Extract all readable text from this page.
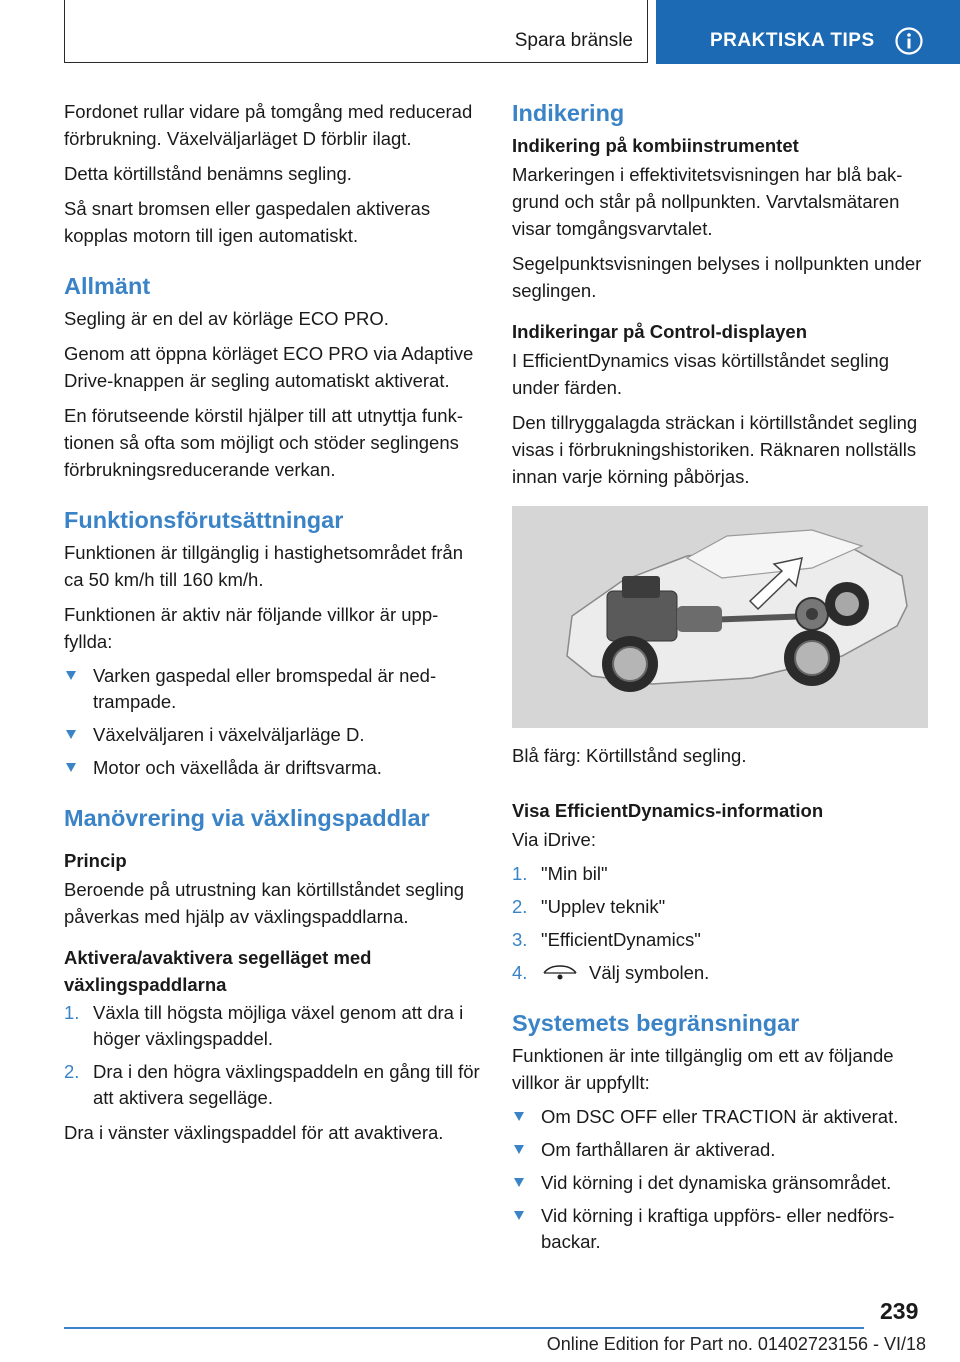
Spara bränsle	PRAKTISKA TIPS

Fordonet rullar vidare på tomgång med reducerad förbrukning. Växelväljarläget D förblir ilagt.

Detta körtillstånd benämns segling.

Så snart bromsen eller gaspedalen aktiveras kopplas motorn till igen automatiskt.

Allmänt

Segling är en del av körläge ECO PRO.

Genom att öppna körläget ECO PRO via Adaptive Drive-knappen är segling automatiskt aktiverat.

En förutseende körstil hjälper till att utnyttja funktionen så ofta som möjligt och stöder seglingens förbrukningsreducerande verkan.

Funktionsförutsättningar

Funktionen är tillgänglig i hastighetsområdet från ca 50 km/h till 160 km/h.

Funktionen är aktiv när följande villkor är uppfyllda:

Varken gaspedal eller bromspedal är nedtrampade.
Växelväljaren i växelväljarläge D.
Motor och växellåda är driftsvarma.
Manövrering via växlingspaddlar
Princip

Beroende på utrustning kan körtillståndet segling påverkas med hjälp av växlingspaddlarna.

Aktivera/avaktivera segelläget med växlingspaddlarna
1. Växla till högsta möjliga växel genom att dra i höger växlingspaddel.
2. Dra i den högra växlingspaddeln en gång till för att aktivera segelläge.

Dra i vänster växlingspaddel för att avaktivera.

Indikering
Indikering på kombiinstrumentet

Markeringen i effektivitetsvisningen har blå bakgrund och står på nollpunkten. Varvtalsmätaren visar tomgångsvarvtalet.

Segelpunktsvisningen belyses i nollpunkten under seglingen.

Indikeringar på Control-displayen

I EfficientDynamics visas körtillståndet segling under färden.

Den tillryggalagda sträckan i körtillståndet segling visas i förbrukningshistoriken. Räknaren nollställs innan varje körning påbörjas.

Blå färg: Körtillstånd segling.

Visa EfficientDynamics-information

Via iDrive:

1. "Min bil"
2. "Upplev teknik"
3. "EfficientDynamics"
4.	Välj symbolen.
Systemets begränsningar

Funktionen är inte tillgänglig om ett av följande villkor är uppfyllt:

Om DSC OFF eller TRACTION är aktiverat.
Om farthållaren är aktiverad.
Vid körning i det dynamiska gränsområdet.
Vid körning i kraftiga uppförs- eller nedförsbackar.
239
Online Edition for Part no. 01402723156 - VI/18
